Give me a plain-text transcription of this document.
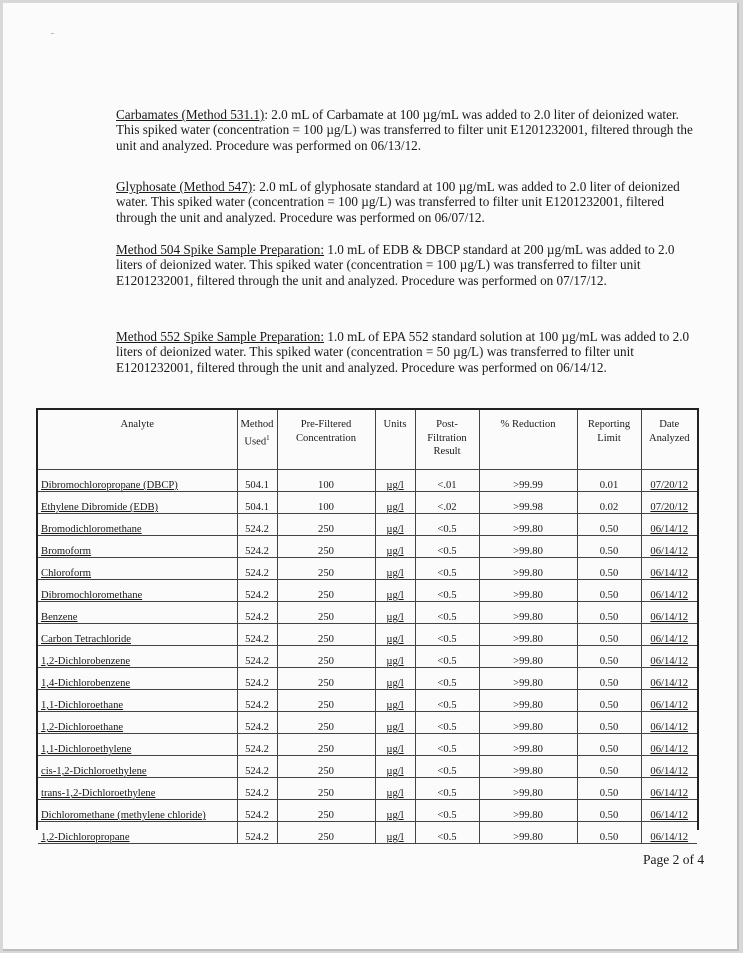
Carbamates (Method 531.1): 2.0 mL of Carbamate at 100 µg/mL was added to 2.0 liter of deionized water. This spiked water (concentration = 100 µg/L) was transferred to filter unit E1201232001, filtered through the unit and analyzed. Procedure was performed on 06/13/12.
Glyphosate (Method 547): 2.0 mL of glyphosate standard at 100 µg/mL was added to 2.0 liter of deionized water. This spiked water (concentration = 100 µg/L) was transferred to filter unit E1201232001, filtered through the unit and analyzed. Procedure was performed on 06/07/12.
Method 504 Spike Sample Preparation: 1.0 mL of EDB & DBCP standard at 200 µg/mL was added to 2.0 liters of deionized water. This spiked water (concentration = 100 µg/L) was transferred to filter unit E1201232001, filtered through the unit and analyzed. Procedure was performed on 07/17/12.
Method 552 Spike Sample Preparation: 1.0 mL of EPA 552 standard solution at 100 µg/mL was added to 2.0 liters of deionized water. This spiked water (concentration = 50 µg/L) was transferred to filter unit E1201232001, filtered through the unit and analyzed. Procedure was performed on 06/14/12.
Analyte	Method Used$^1$	Pre-Filtered Concentration	Units	Post-Filtration Result	% Reduction	Reporting Limit	Date Analyzed
Dibromochloropropane (DBCP)	504.1	100	µg/l	<.01	>99.99	0.01	07/20/12
Ethylene Dibromide (EDB)	504.1	100	µg/l	<.02	>99.98	0.02	07/20/12
Bromodichloromethane	524.2	250	µg/l	<0.5	>99.80	0.50	06/14/12
Bromoform	524.2	250	µg/l	<0.5	>99.80	0.50	06/14/12
Chloroform	524.2	250	µg/l	<0.5	>99.80	0.50	06/14/12
Dibromochloromethane	524.2	250	µg/l	<0.5	>99.80	0.50	06/14/12
Benzene	524.2	250	µg/l	<0.5	>99.80	0.50	06/14/12
Carbon Tetrachloride	524.2	250	µg/l	<0.5	>99.80	0.50	06/14/12
1,2-Dichlorobenzene	524.2	250	µg/l	<0.5	>99.80	0.50	06/14/12
1,4-Dichlorobenzene	524.2	250	µg/l	<0.5	>99.80	0.50	06/14/12
1,1-Dichloroethane	524.2	250	µg/l	<0.5	>99.80	0.50	06/14/12
1,2-Dichloroethane	524.2	250	µg/l	<0.5	>99.80	0.50	06/14/12
1,1-Dichloroethylene	524.2	250	µg/l	<0.5	>99.80	0.50	06/14/12
cis-1,2-Dichloroethylene	524.2	250	µg/l	<0.5	>99.80	0.50	06/14/12
trans-1,2-Dichloroethylene	524.2	250	µg/l	<0.5	>99.80	0.50	06/14/12
Dichloromethane (methylene chloride)	524.2	250	µg/l	<0.5	>99.80	0.50	06/14/12
1,2-Dichloropropane	524.2	250	µg/l	<0.5	>99.80	0.50	06/14/12
Page 2 of 4
